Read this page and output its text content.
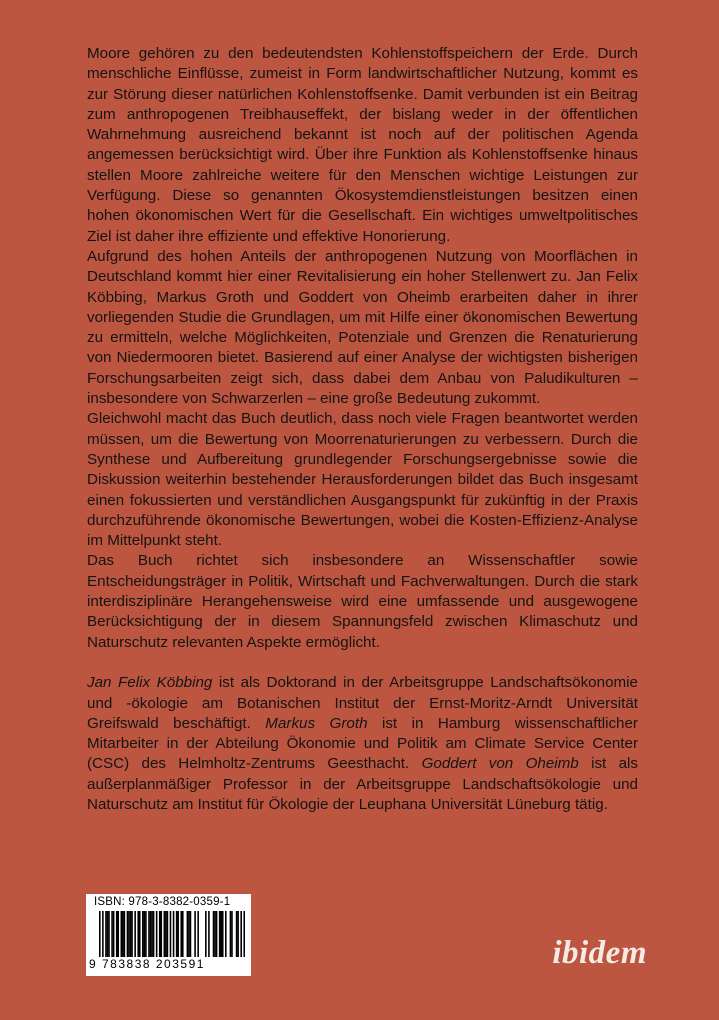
Moore gehören zu den bedeutendsten Kohlenstoffspeichern der Erde. Durch menschliche Einflüsse, zumeist in Form landwirtschaftlicher Nutzung, kommt es zur Störung dieser natürlichen Kohlenstoffsenke. Damit verbunden ist ein Beitrag zum anthropogenen Treibhauseffekt, der bislang weder in der öffentlichen Wahrnehmung ausreichend bekannt ist noch auf der politischen Agenda angemessen berücksichtigt wird. Über ihre Funktion als Kohlenstoffsenke hinaus stellen Moore zahlreiche weitere für den Menschen wichtige Leistungen zur Verfügung. Diese so genannten Ökosystemdienstleistungen besitzen einen hohen ökonomischen Wert für die Gesellschaft. Ein wichtiges umweltpolitisches Ziel ist daher ihre effiziente und effektive Honorierung.

Aufgrund des hohen Anteils der anthropogenen Nutzung von Moorflächen in Deutschland kommt hier einer Revitalisierung ein hoher Stellenwert zu. Jan Felix Köbbing, Markus Groth und Goddert von Oheimb erarbeiten daher in ihrer vorliegenden Studie die Grundlagen, um mit Hilfe einer ökonomischen Bewertung zu ermitteln, welche Möglichkeiten, Potenziale und Grenzen die Renaturierung von Niedermooren bietet. Basierend auf einer Analyse der wichtigsten bisherigen Forschungsarbeiten zeigt sich, dass dabei dem Anbau von Paludikulturen – insbesondere von Schwarzerlen – eine große Bedeutung zukommt.

Gleichwohl macht das Buch deutlich, dass noch viele Fragen beantwortet werden müssen, um die Bewertung von Moorrenaturierungen zu verbessern. Durch die Synthese und Aufbereitung grundlegender Forschungsergebnisse sowie die Diskussion weiterhin bestehender Herausforderungen bildet das Buch insgesamt einen fokussierten und verständlichen Ausgangspunkt für zukünftig in der Praxis durchzuführende ökonomische Bewertungen, wobei die Kosten-Effizienz-Analyse im Mittelpunkt steht.

Das Buch richtet sich insbesondere an Wissenschaftler sowie Entscheidungsträger in Politik, Wirtschaft und Fachverwaltungen. Durch die stark interdisziplinäre Herangehensweise wird eine umfassende und ausgewogene Berücksichtigung der in diesem Spannungsfeld zwischen Klimaschutz und Naturschutz relevanten Aspekte ermöglicht.

Jan Felix Köbbing ist als Doktorand in der Arbeitsgruppe Landschaftsökonomie und -ökologie am Botanischen Institut der Ernst-Moritz-Arndt Universität Greifswald beschäftigt. Markus Groth ist in Hamburg wissenschaftlicher Mitarbeiter in der Abteilung Ökonomie und Politik am Climate Service Center (CSC) des Helmholtz-Zentrums Geesthacht. Goddert von Oheimb ist als außerplanmäßiger Professor in der Arbeitsgruppe Landschaftsökologie und Naturschutz am Institut für Ökologie der Leuphana Universität Lüneburg tätig.

ISBN: 978-3-8382-0359-1
9 783838 203591	ibidem
